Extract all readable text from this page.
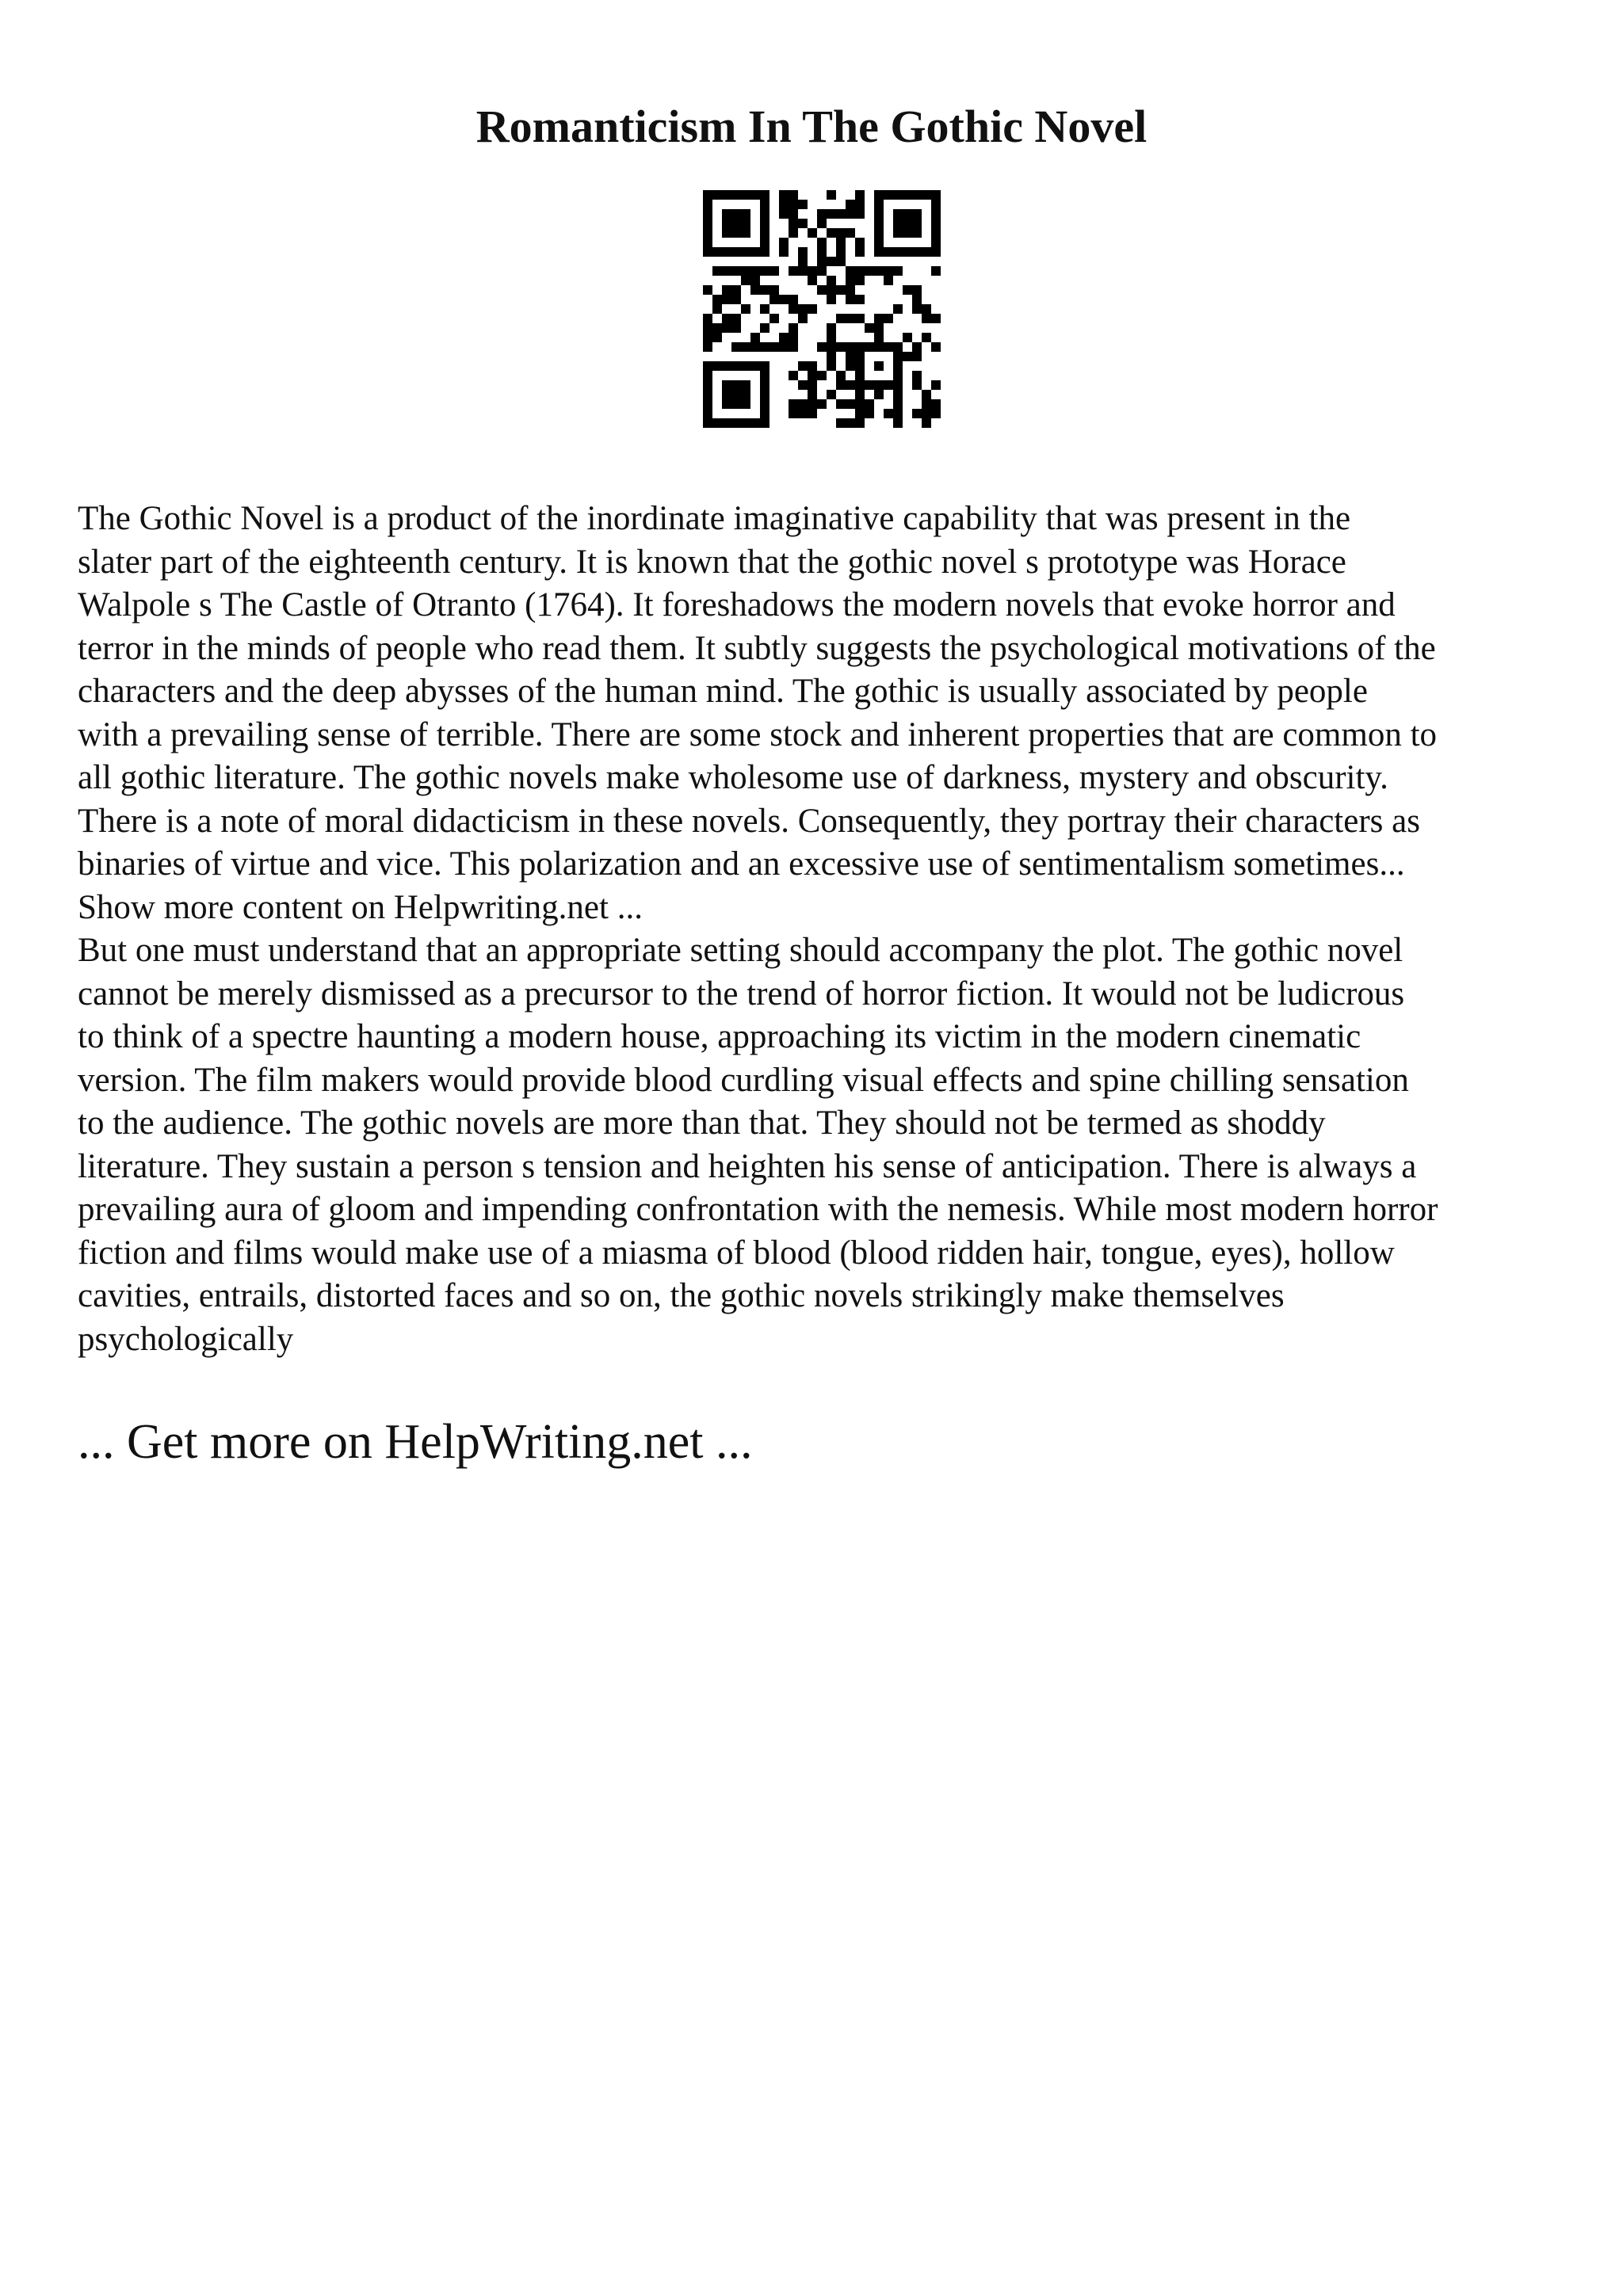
Romanticism In The Gothic Novel
The Gothic Novel is a product of the inordinate imaginative capability that was present in the
slater part of the eighteenth century. It is known that the gothic novel s prototype was Horace
Walpole s The Castle of Otranto (1764). It foreshadows the modern novels that evoke horror and
terror in the minds of people who read them. It subtly suggests the psychological motivations of the
characters and the deep abysses of the human mind. The gothic is usually associated by people
with a prevailing sense of terrible. There are some stock and inherent properties that are common to
all gothic literature. The gothic novels make wholesome use of darkness, mystery and obscurity.
There is a note of moral didacticism in these novels. Consequently, they portray their characters as
binaries of virtue and vice. This polarization and an excessive use of sentimentalism sometimes...
Show more content on Helpwriting.net ...
But one must understand that an appropriate setting should accompany the plot. The gothic novel
cannot be merely dismissed as a precursor to the trend of horror fiction. It would not be ludicrous
to think of a spectre haunting a modern house, approaching its victim in the modern cinematic
version. The film makers would provide blood curdling visual effects and spine chilling sensation
to the audience. The gothic novels are more than that. They should not be termed as shoddy
literature. They sustain a person s tension and heighten his sense of anticipation. There is always a
prevailing aura of gloom and impending confrontation with the nemesis. While most modern horror
fiction and films would make use of a miasma of blood (blood ridden hair, tongue, eyes), hollow
cavities, entrails, distorted faces and so on, the gothic novels strikingly make themselves
psychologically

... Get more on HelpWriting.net ...
